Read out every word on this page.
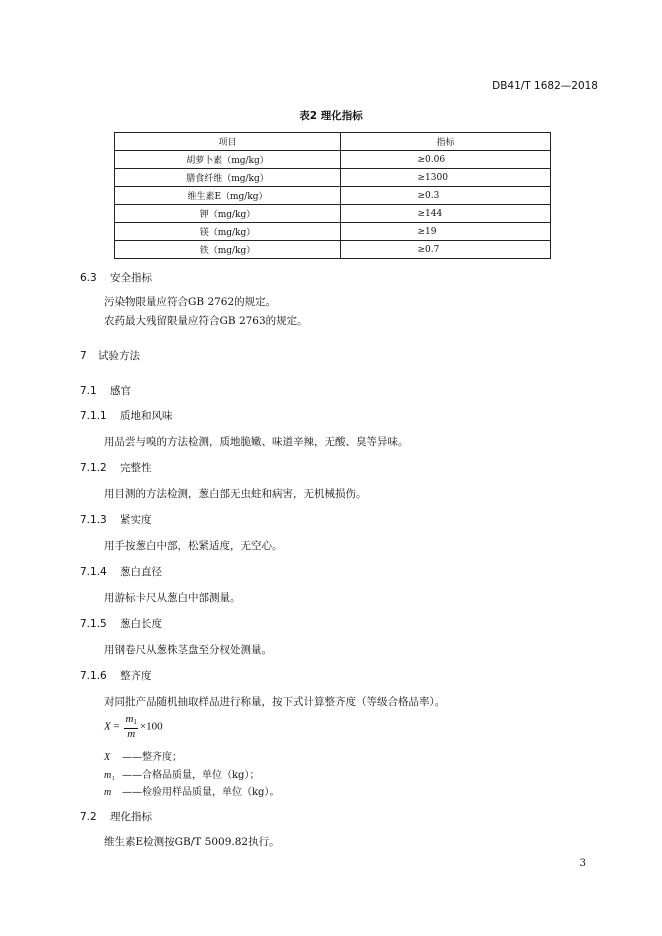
DB41/T 1682—2018
表2 理化指标
项目	指标
胡萝卜素（mg/kg）	≥0.06
膳食纤维（mg/kg）	≥1300
维生素E（mg/kg）	≥0.3
钾（mg/kg）	≥144
镁（mg/kg）	≥19
铁（mg/kg）	≥0.7
6.3 安全指标
污染物限量应符合GB 2762的规定。
农药最大残留限量应符合GB 2763的规定。
7 试验方法
7.1 感官
7.1.1 质地和风味
用品尝与嗅的方法检测，质地脆嫩、味道辛辣，无酸、臭等异味。
7.1.2 完整性
用目测的方法检测，葱白部无虫蛀和病害，无机械损伤。
7.1.3 紧实度
用手按葱白中部，松紧适度，无空心。
7.1.4 葱白直径
用游标卡尺从葱白中部测量。
7.1.5 葱白长度
用钢卷尺从葱株茎盘至分杈处测量。
7.1.6 整齐度
对同批产品随机抽取样品进行称量，按下式计算整齐度（等级合格品率）。
$X = \frac{m_1}{m} \times 100$
X ——整齐度；
m₁ ——合格品质量，单位（kg）；
m ——检验用样品质量，单位（kg）。
7.2 理化指标
维生素E检测按GB/T 5009.82执行。
3
